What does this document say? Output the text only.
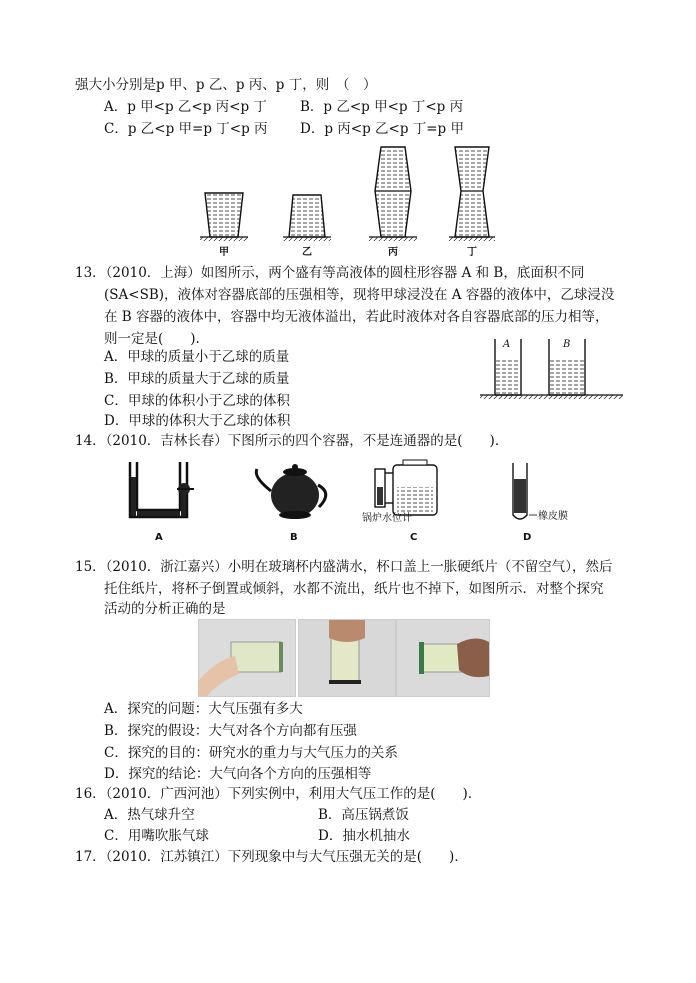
强大小分别是p 甲、p 乙、p 丙、p 丁，则　（　）
A．p 甲<p 乙<p 丙<p 丁 B．p 乙<p 甲<p 丁<p 丙
C．p 乙<p 甲=p 丁<p 丙 D．p 丙<p 乙<p 丁=p 甲
甲	乙	丙	丁
13．（2010．上海）如图所示，两个盛有等高液体的圆柱形容器 A 和 B，底面积不同
(SA<SB)，液体对容器底部的压强相等，现将甲球浸没在 A 容器的液体中，乙球浸没
在 B 容器的液体中，容器中均无液体溢出，若此时液体对各自容器底部的压力相等，
则一定是(　　).
A．甲球的质量小于乙球的质量
B．甲球的质量大于乙球的质量
C．甲球的体积小于乙球的体积
D．甲球的体积大于乙球的体积
A	B
14．（2010．吉林长春）下图所示的四个容器，不是连通器的是(　　)．
A	B	C	D
锅炉水位计	橡皮膜
15．（2010．浙江嘉兴）小明在玻璃杯内盛满水，杯口盖上一胀硬纸片（不留空气），然后
托住纸片，将杯子倒置或倾斜，水都不流出，纸片也不掉下，如图所示．对整个探究
活动的分析正确的是
A．探究的问题：大气压强有多大
B．探究的假设：大气对各个方向都有压强
C．探究的目的：研究水的重力与大气压力的关系
D．探究的结论：大气向各个方向的压强相等
16．（2010．广西河池）下列实例中，利用大气压工作的是(　　)．
A．热气球升空	B．高压锅煮饭
C．用嘴吹胀气球	D．抽水机抽水
17．（2010．江苏镇江）下列现象中与大气压强无关的是(　　)．
